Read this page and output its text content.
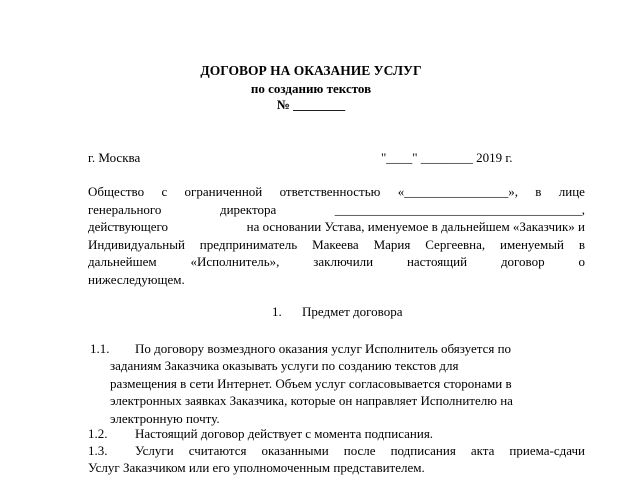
ДОГОВОР НА ОКАЗАНИЕ УСЛУГ
по созданию текстов
№ ________
г. Москва	"____" ________ 2019 г.
Общество с ограниченной ответственностью «________________», в лице
генерального	директора	______________________________________,
действующего	на основании Устава, именуемое в дальнейшем «Заказчик» и
Индивидуальный предприниматель Макеева Мария Сергеевна, именуемый в
дальнейшем	«Исполнитель»,	заключили	настоящий	договор	о
нижеследующем.
1. Предмет договора
1.1. По договору возмездного оказания услуг Исполнитель обязуется по
заданиям Заказчика оказывать услуги по созданию текстов для
размещения в сети Интернет. Объем услуг согласовывается сторонами в
электронных заявках Заказчика, которые он направляет Исполнителю на
электронную почту.
1.2. Настоящий договор действует с момента подписания.
1.3. Услуги считаются оказанными после подписания акта приема-сдачи
Услуг Заказчиком или его уполномоченным представителем.
